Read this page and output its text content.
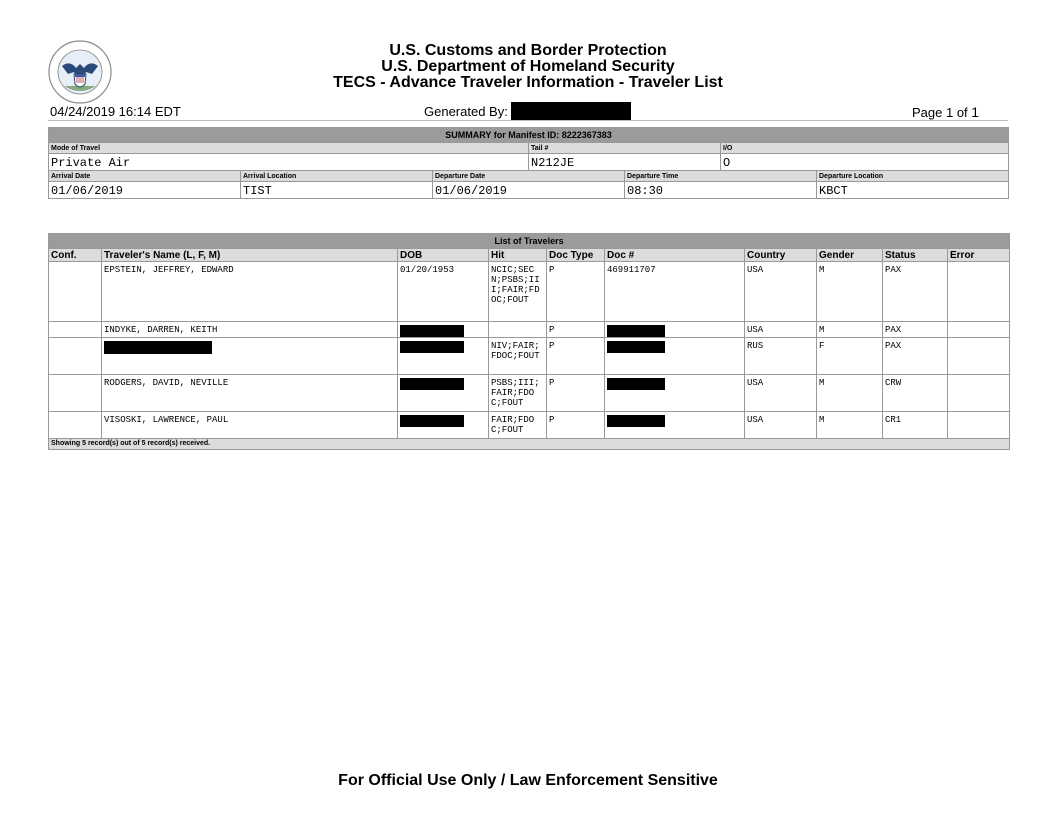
U.S. Customs and Border Protection
U.S. Department of Homeland Security
TECS - Advance Traveler Information - Traveler List
04/24/2019 16:14 EDT	Generated By:	Page 1 of 1
SUMMARY for Manifest ID: 8222367383						
Mode of Travel			Tail #		I/O	
Private Air			N212JE		O	
Arrival Date	Arrival Location	Departure Date		Departure Time		Departure Location
01/06/2019	TIST	01/06/2019		08:30		KBCT
List of Travelers									
Conf.	Traveler's Name (L, F, M)	DOB	Hit	Doc Type	Doc #	Country	Gender	Status	Error
	EPSTEIN, JEFFREY, EDWARD	01/20/1953	NCIC;SECN;PSBS;III;FAIR;FDOC;FOUT	P	469911707	USA	M	PAX	
	INDYKE, DARREN, KEITH			P		USA	M	PAX	
			NIV;FAIR;FDOC;FOUT	P		RUS	F	PAX	
	RODGERS, DAVID, NEVILLE		PSBS;III;FAIR;FDOC;FOUT	P		USA	M	CRW	
	VISOSKI, LAWRENCE, PAUL		FAIR;FDOC;FOUT	P		USA	M	CR1	
Showing 5 record(s) out of 5 record(s) received.									
For Official Use Only / Law Enforcement Sensitive
